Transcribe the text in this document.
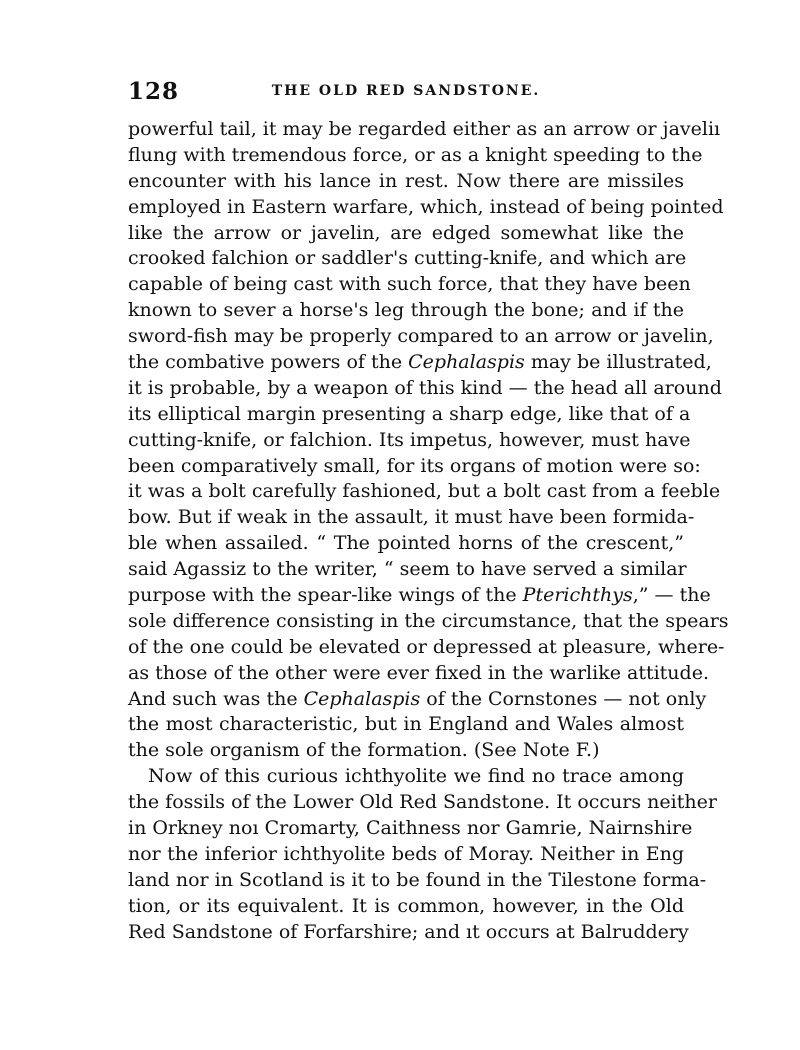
128	THE OLD RED SANDSTONE.
powerful tail, it may be regarded either as an arrow or javeliı
flung with tremendous force, or as a knight speeding to the
encounter with his lance in rest. Now there are missiles
employed in Eastern warfare, which, instead of being pointed
like the arrow or javelin, are edged somewhat like the
crooked falchion or saddler's cutting-knife, and which are
capable of being cast with such force, that they have been
known to sever a horse's leg through the bone; and if the
sword-fish may be properly compared to an arrow or javelin,
the combative powers of the Cephalaspis may be illustrated,
it is probable, by a weapon of this kind — the head all around
its elliptical margin presenting a sharp edge, like that of a
cutting-knife, or falchion. Its impetus, however, must have
been comparatively small, for its organs of motion were so:
it was a bolt carefully fashioned, but a bolt cast from a feeble
bow. But if weak in the assault, it must have been formida-
ble when assailed. “ The pointed horns of the crescent,”
said Agassiz to the writer, “ seem to have served a similar
purpose with the spear-like wings of the Pterichthys,” — the
sole difference consisting in the circumstance, that the spears
of the one could be elevated or depressed at pleasure, where-
as those of the other were ever fixed in the warlike attitude.
And such was the Cephalaspis of the Cornstones — not only
the most characteristic, but in England and Wales almost
the sole organism of the formation. (See Note F.)
Now of this curious ichthyolite we find no trace among
the fossils of the Lower Old Red Sandstone. It occurs neither
in Orkney noı Cromarty, Caithness nor Gamrie, Nairnshire
nor the inferior ichthyolite beds of Moray. Neither in Eng
land nor in Scotland is it to be found in the Tilestone forma-
tion, or its equivalent. It is common, however, in the Old
Red Sandstone of Forfarshire; and ıt occurs at Balruddery
